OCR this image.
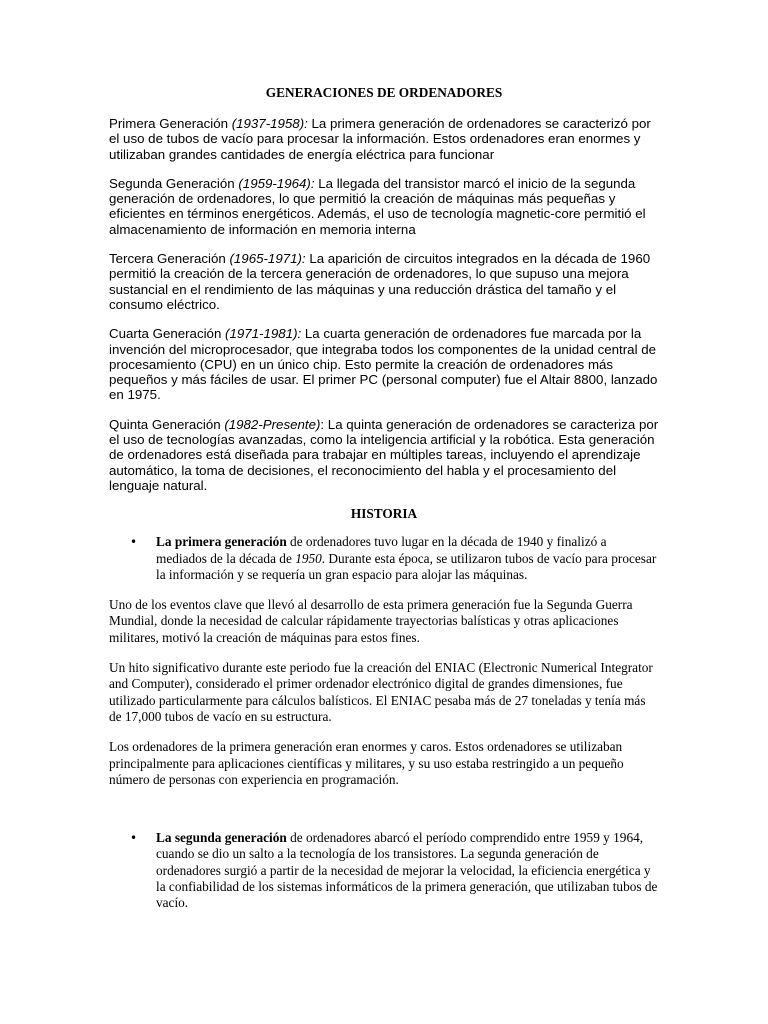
GENERACIONES DE ORDENADORES

Primera Generación (1937-1958): La primera generación de ordenadores se caracterizó por el uso de tubos de vacío para procesar la información. Estos ordenadores eran enormes y utilizaban grandes cantidades de energía eléctrica para funcionar

Segunda Generación (1959-1964): La llegada del transistor marcó el inicio de la segunda generación de ordenadores, lo que permitió la creación de máquinas más pequeñas y eficientes en términos energéticos. Además, el uso de tecnología magnetic-core permitió el almacenamiento de información en memoria interna

Tercera Generación (1965-1971): La aparición de circuitos integrados en la década de 1960 permitió la creación de la tercera generación de ordenadores, lo que supuso una mejora sustancial en el rendimiento de las máquinas y una reducción drástica del tamaño y el consumo eléctrico.

Cuarta Generación (1971-1981): La cuarta generación de ordenadores fue marcada por la invención del microprocesador, que integraba todos los componentes de la unidad central de procesamiento (CPU) en un único chip. Esto permite la creación de ordenadores más pequeños y más fáciles de usar. El primer PC (personal computer) fue el Altair 8800, lanzado en 1975.

Quinta Generación (1982-Presente): La quinta generación de ordenadores se caracteriza por el uso de tecnologías avanzadas, como la inteligencia artificial y la robótica. Esta generación de ordenadores está diseñada para trabajar en múltiples tareas, incluyendo el aprendizaje automático, la toma de decisiones, el reconocimiento del habla y el procesamiento del lenguaje natural.

HISTORIA

• La primera generación de ordenadores tuvo lugar en la década de 1940 y finalizó a mediados de la década de 1950. Durante esta época, se utilizaron tubos de vacío para procesar la información y se requería un gran espacio para alojar las máquinas.

Uno de los eventos clave que llevó al desarrollo de esta primera generación fue la Segunda Guerra Mundial, donde la necesidad de calcular rápidamente trayectorias balísticas y otras aplicaciones militares, motivó la creación de máquinas para estos fines.

Un hito significativo durante este periodo fue la creación del ENIAC (Electronic Numerical Integrator and Computer), considerado el primer ordenador electrónico digital de grandes dimensiones, fue utilizado particularmente para cálculos balísticos. El ENIAC pesaba más de 27 toneladas y tenía más de 17,000 tubos de vacío en su estructura.

Los ordenadores de la primera generación eran enormes y caros. Estos ordenadores se utilizaban principalmente para aplicaciones científicas y militares, y su uso estaba restringido a un pequeño número de personas con experiencia en programación.

• La segunda generación de ordenadores abarcó el período comprendido entre 1959 y 1964, cuando se dio un salto a la tecnología de los transistores. La segunda generación de ordenadores surgió a partir de la necesidad de mejorar la velocidad, la eficiencia energética y la confiabilidad de los sistemas informáticos de la primera generación, que utilizaban tubos de vacío.
